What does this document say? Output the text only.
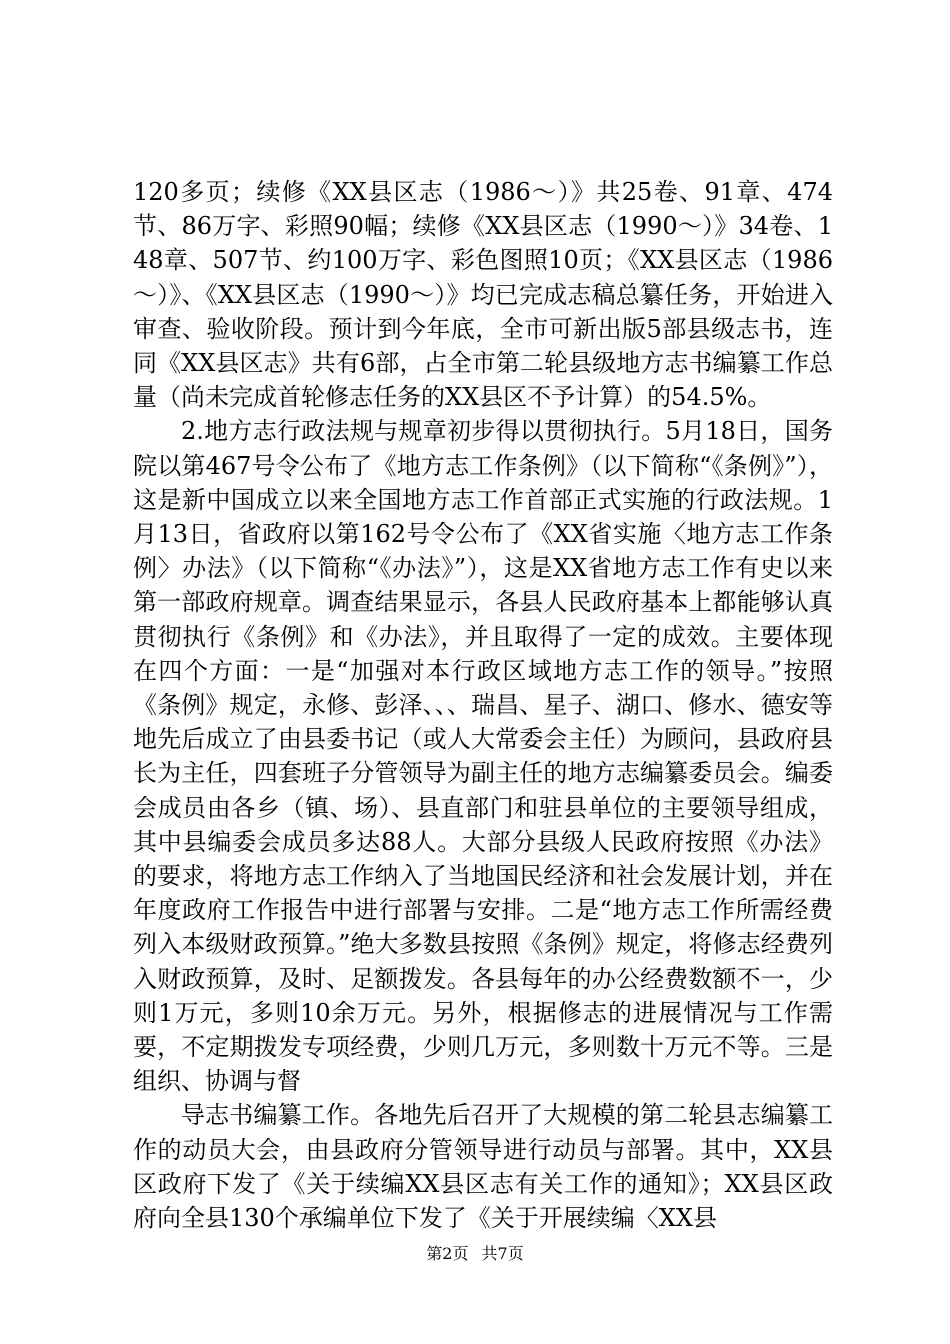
120多页；续修《XX县区志（1986～）》共25卷、91章、474节、86万字、彩照90幅；续修《XX县区志（1990～）》34卷、148章、507节、约100万字、彩色图照10页；《XX县区志（1986～）》、《XX县区志（1990～）》均已完成志稿总纂任务，开始进入审查、验收阶段。预计到今年底，全市可新出版5部县级志书，连同《XX县区志》共有6部，占全市第二轮县级地方志书编纂工作总量（尚未完成首轮修志任务的XX县区不予计算）的54.5%。

2.地方志行政法规与规章初步得以贯彻执行。5月18日，国务院以第467号令公布了《地方志工作条例》（以下简称“《条例》”），这是新中国成立以来全国地方志工作首部正式实施的行政法规。1月13日，省政府以第162号令公布了《XX省实施〈地方志工作条例〉办法》（以下简称“《办法》”），这是XX省地方志工作有史以来第一部政府规章。调查结果显示，各县人民政府基本上都能够认真贯彻执行《条例》和《办法》，并且取得了一定的成效。主要体现在四个方面：一是“加强对本行政区域地方志工作的领导。”按照《条例》规定，永修、彭泽、、、瑞昌、星子、湖口、修水、德安等地先后成立了由县委书记（或人大常委会主任）为顾问，县政府县长为主任，四套班子分管领导为副主任的地方志编纂委员会。编委会成员由各乡（镇、场）、县直部门和驻县单位的主要领导组成，其中县编委会成员多达88人。大部分县级人民政府按照《办法》的要求，将地方志工作纳入了当地国民经济和社会发展计划，并在年度政府工作报告中进行部署与安排。二是“地方志工作所需经费列入本级财政预算。”绝大多数县按照《条例》规定，将修志经费列入财政预算，及时、足额拨发。各县每年的办公经费数额不一，少则1万元，多则10余万元。另外，根据修志的进展情况与工作需要，不定期拨发专项经费，少则几万元，多则数十万元不等。三是组织、协调与督

导志书编纂工作。各地先后召开了大规模的第二轮县志编纂工作的动员大会，由县政府分管领导进行动员与部署。其中，XX县区政府下发了《关于续编XX县区志有关工作的通知》；XX县区政府向全县130个承编单位下发了《关于开展续编〈XX县

第2页 共7页
